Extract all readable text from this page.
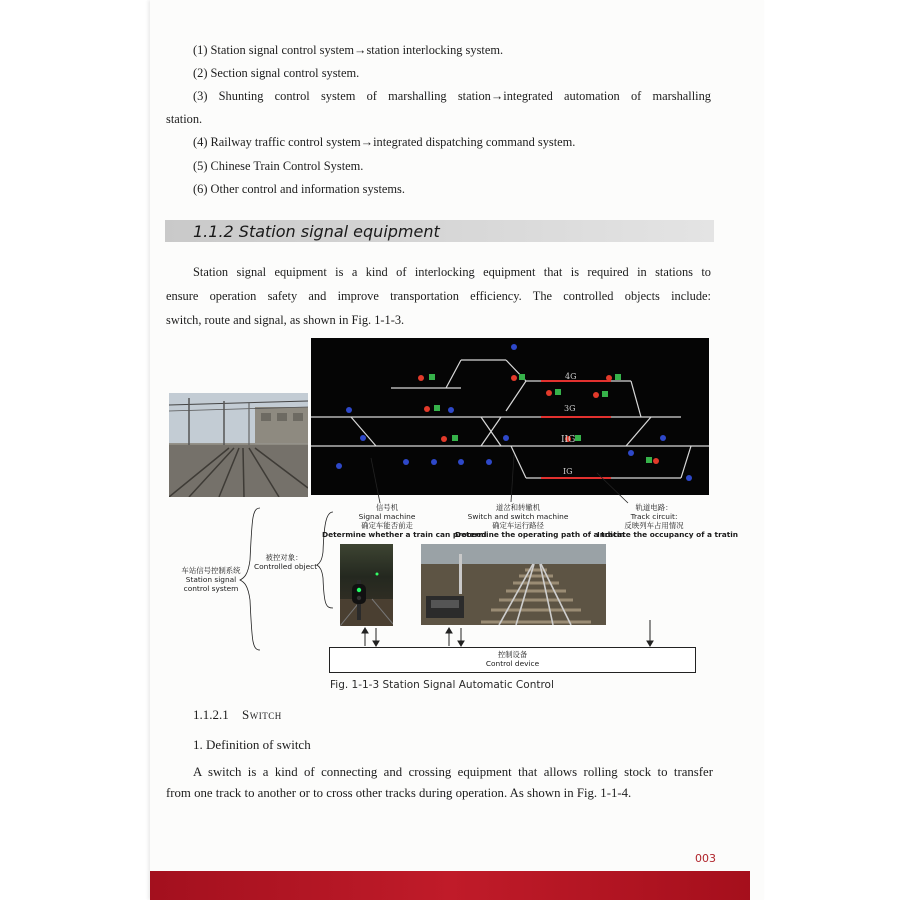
(1) Station signal control system→station interlocking system.
(2) Section signal control system.
(3) Shunting control system of marshalling station→integrated automation of marshalling
station.
(4) Railway traffic control system→integrated dispatching command system.
(5) Chinese Train Control System.
(6) Other control and information systems.
1.1.2 Station signal equipment
Station signal equipment is a kind of interlocking equipment that is required in stations to
ensure operation safety and improve transportation efficiency. The controlled objects include:
switch, route and signal, as shown in Fig. 1-1-3.
4G
3G
IIG
IG
信号机
Signal machine
确定车能否前走
Determine whether a train can proceed
道岔和转辙机
Switch and switch machine
确定车运行路径
Determine the operating path of a tratin
轨道电路：
Track circuit:
反映列车占用情况
Indicate the occupancy of a tratin
被控对象：
Controlled object
车站信号控制系统
Station signal
control system
控制设备
Control device
Fig. 1-1-3 Station Signal Automatic Control
1.1.2.1 Switch
1. Definition of switch
A switch is a kind of connecting and crossing equipment that allows rolling stock to transfer
from one track to another or to cross other tracks during operation. As shown in Fig. 1-1-4.
003
